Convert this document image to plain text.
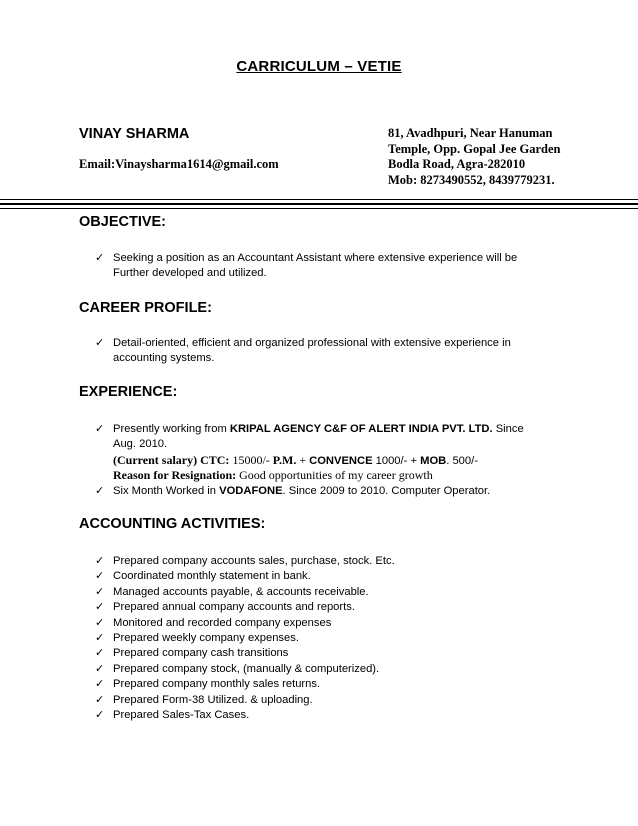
CARRICULUM – VETIE
VINAY SHARMA
Email:Vinaysharma1614@gmail.com
81, Avadhpuri, Near Hanuman
Temple, Opp. Gopal Jee Garden
Bodla Road, Agra-282010
Mob: 8273490552, 8439779231.
OBJECTIVE:
✓ Seeking a position as an Accountant Assistant where extensive experience will be
Further developed and utilized.
CAREER PROFILE:
✓ Detail-oriented, efficient and organized professional with extensive experience in
accounting systems.
EXPERIENCE:
✓ Presently working from KRIPAL AGENCY C&F OF ALERT INDIA PVT. LTD. Since
Aug. 2010.
(Current salary) CTC: 15000/- P.M. + CONVENCE 1000/- + MOB. 500/-
Reason for Resignation: Good opportunities of my career growth
✓ Six Month Worked in VODAFONE. Since 2009 to 2010. Computer Operator.
ACCOUNTING ACTIVITIES:
✓ Prepared company accounts sales, purchase, stock. Etc.
✓ Coordinated monthly statement in bank.
✓ Managed accounts payable, & accounts receivable.
✓ Prepared annual company accounts and reports.
✓ Monitored and recorded company expenses
✓ Prepared weekly company expenses.
✓ Prepared company cash transitions
✓ Prepared company stock, (manually & computerized).
✓ Prepared company monthly sales returns.
✓ Prepared Form-38 Utilized. & uploading.
✓ Prepared Sales-Tax Cases.
